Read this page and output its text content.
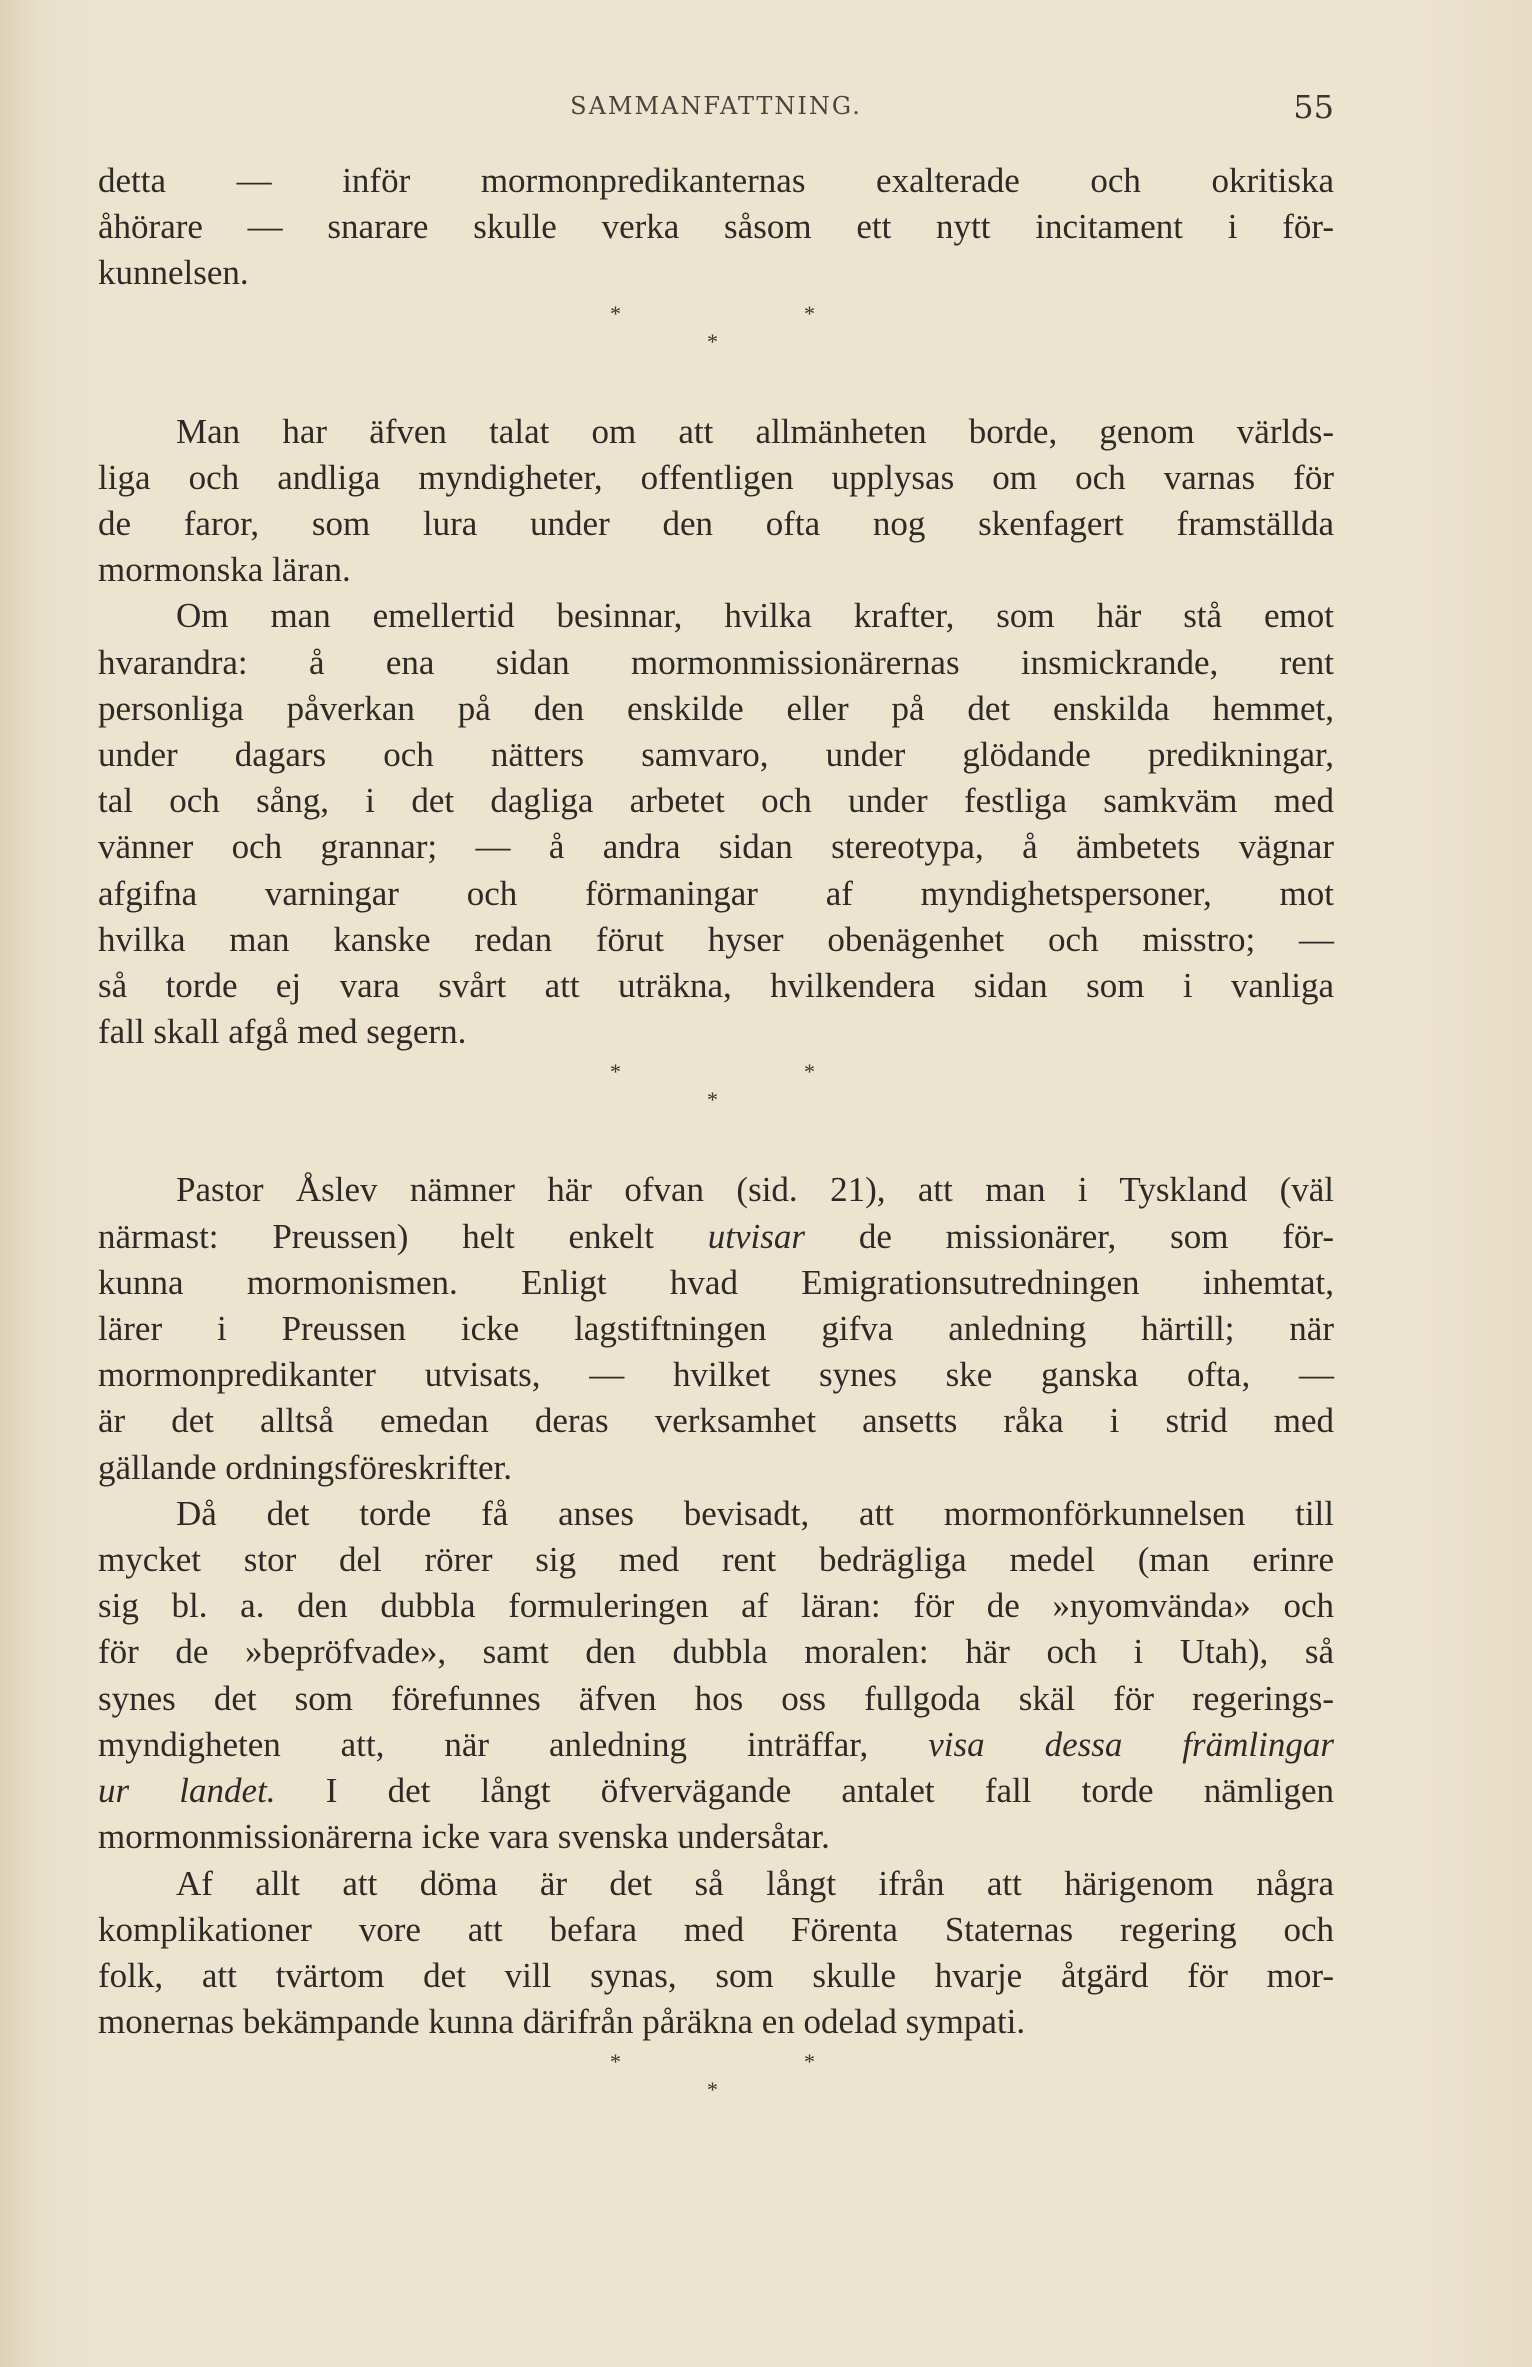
SAMMANFATTNING.	55

detta — inför mormonpredikanternas exalterade och okritiska

åhörare — snarare skulle verka såsom ett nytt incitament i för-

kunnelsen.

*	*
*

Man har äfven talat om att allmänheten borde, genom världs-

liga och andliga myndigheter, offentligen upplysas om och varnas för

de faror, som lura under den ofta nog skenfagert framställda

mormonska läran.

Om man emellertid besinnar, hvilka krafter, som här stå emot

hvarandra: å ena sidan mormonmissionärernas insmickrande, rent

personliga påverkan på den enskilde eller på det enskilda hemmet,

under dagars och nätters samvaro, under glödande predikningar,

tal och sång, i det dagliga arbetet och under festliga samkväm med

vänner och grannar; — å andra sidan stereotypa, å ämbetets vägnar

afgifna varningar och förmaningar af myndighetspersoner, mot

hvilka man kanske redan förut hyser obenägenhet och misstro; —

så torde ej vara svårt att uträkna, hvilkendera sidan som i vanliga

fall skall afgå med segern.

*	*
*

Pastor Åslev nämner här ofvan (sid. 21), att man i Tyskland (väl

närmast: Preussen) helt enkelt utvisar de missionärer, som för-

kunna mormonismen. Enligt hvad Emigrationsutredningen inhemtat,

lärer i Preussen icke lagstiftningen gifva anledning härtill; när

mormonpredikanter utvisats, — hvilket synes ske ganska ofta, —

är det alltså emedan deras verksamhet ansetts råka i strid med

gällande ordningsföreskrifter.

Då det torde få anses bevisadt, att mormonförkunnelsen till

mycket stor del rörer sig med rent bedrägliga medel (man erinre

sig bl. a. den dubbla formuleringen af läran: för de »nyomvända» och

för de »bepröfvade», samt den dubbla moralen: här och i Utah), så

synes det som förefunnes äfven hos oss fullgoda skäl för regerings-

myndigheten att, när anledning inträffar, visa dessa främlingar

ur landet. I det långt öfvervägande antalet fall torde nämligen

mormonmissionärerna icke vara svenska undersåtar.

Af allt att döma är det så långt ifrån att härigenom några

komplikationer vore att befara med Förenta Staternas regering och

folk, att tvärtom det vill synas, som skulle hvarje åtgärd för mor-

monernas bekämpande kunna därifrån påräkna en odelad sympati.

*	*
*
